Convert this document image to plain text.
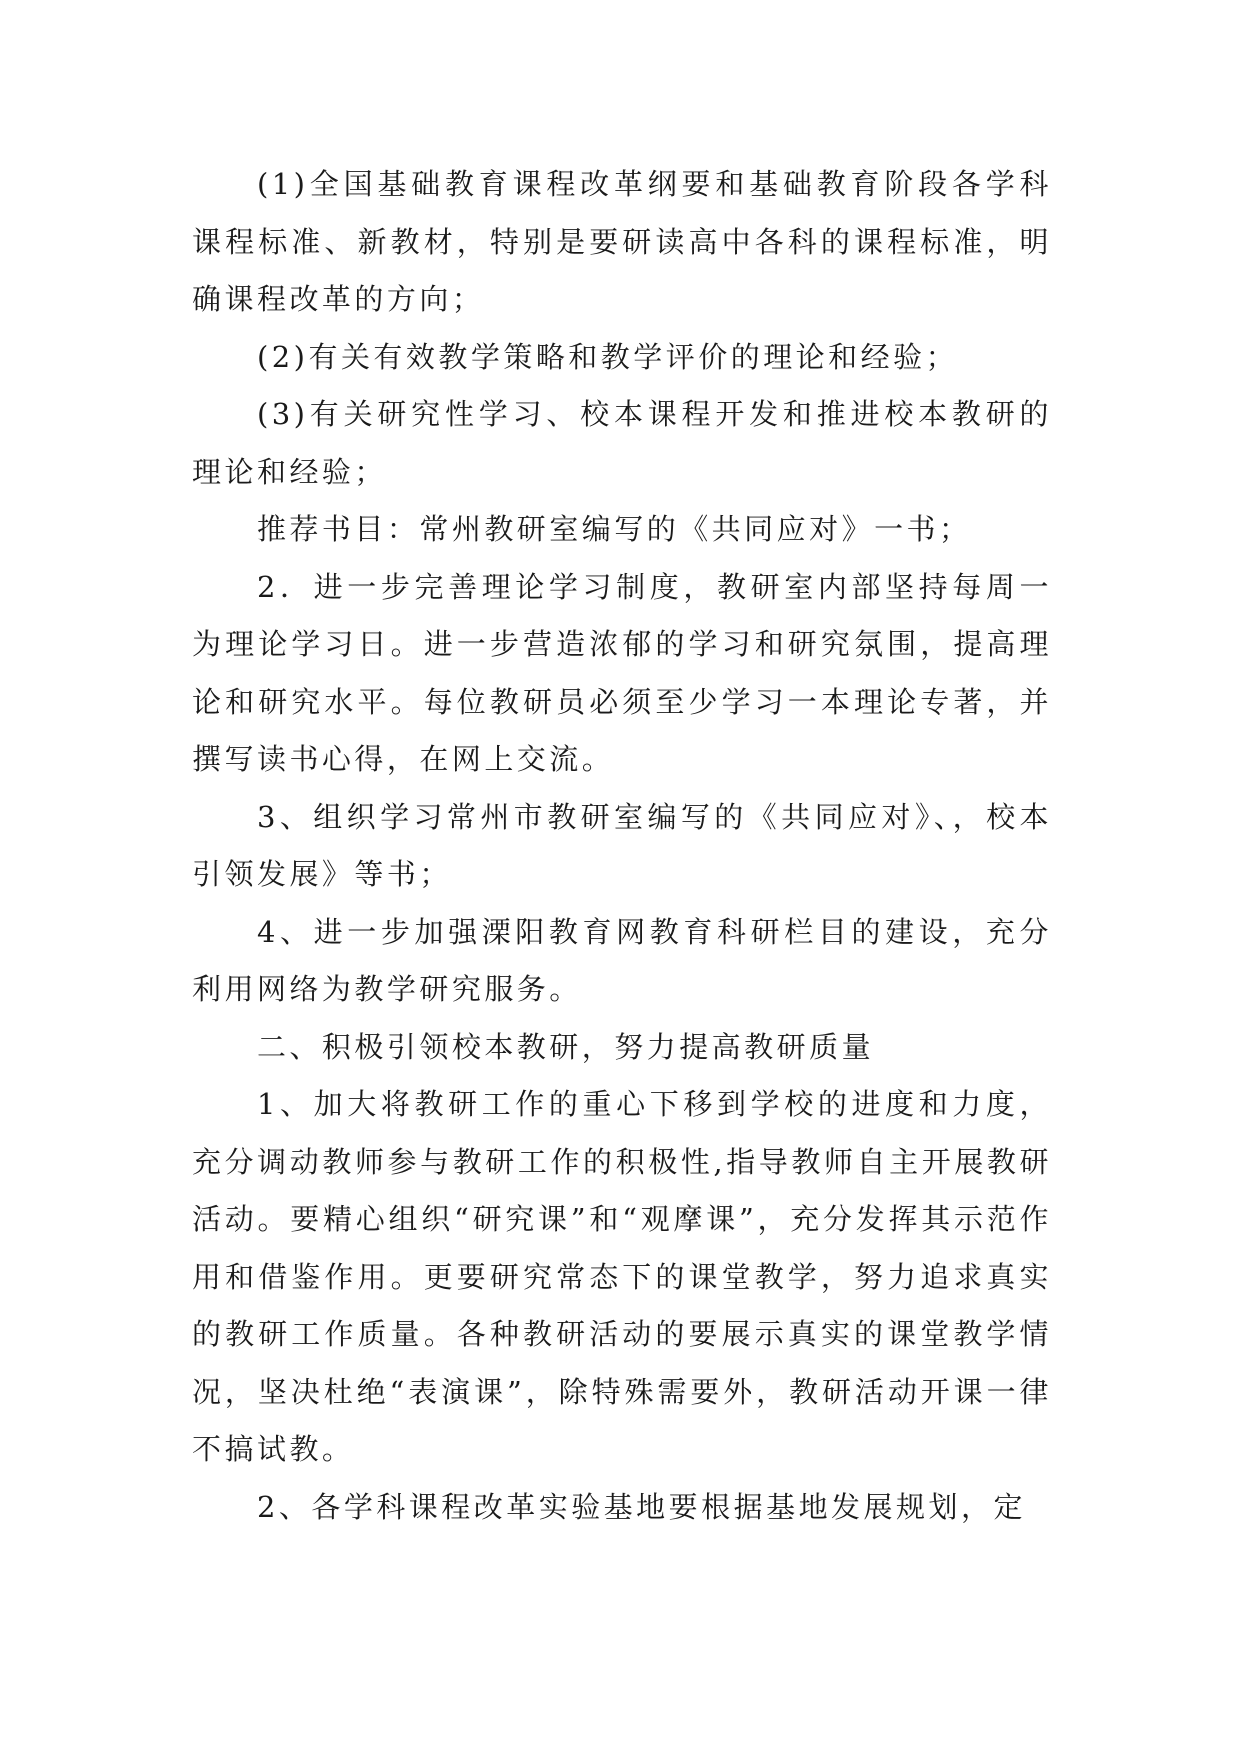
(1)全国基础教育课程改革纲要和基础教育阶段各学科课程标准、新教材，特别是要研读高中各科的课程标准，明确课程改革的方向；

(2)有关有效教学策略和教学评价的理论和经验；

(3)有关研究性学习、校本课程开发和推进校本教研的理论和经验；

推荐书目：常州教研室编写的《共同应对》一书；

2．进一步完善理论学习制度，教研室内部坚持每周一为理论学习日。进一步营造浓郁的学习和研究氛围，提高理论和研究水平。每位教研员必须至少学习一本理论专著，并撰写读书心得，在网上交流。

3、组织学习常州市教研室编写的《共同应对》、，校本引领发展》等书；

4、进一步加强溧阳教育网教育科研栏目的建设，充分利用网络为教学研究服务。

二、积极引领校本教研，努力提高教研质量

1、加大将教研工作的重心下移到学校的进度和力度，充分调动教师参与教研工作的积极性,指导教师自主开展教研活动。要精心组织“研究课”和“观摩课”，充分发挥其示范作用和借鉴作用。更要研究常态下的课堂教学，努力追求真实的教研工作质量。各种教研活动的要展示真实的课堂教学情况，坚决杜绝“表演课”，除特殊需要外，教研活动开课一律不搞试教。

2、各学科课程改革实验基地要根据基地发展规划，定
